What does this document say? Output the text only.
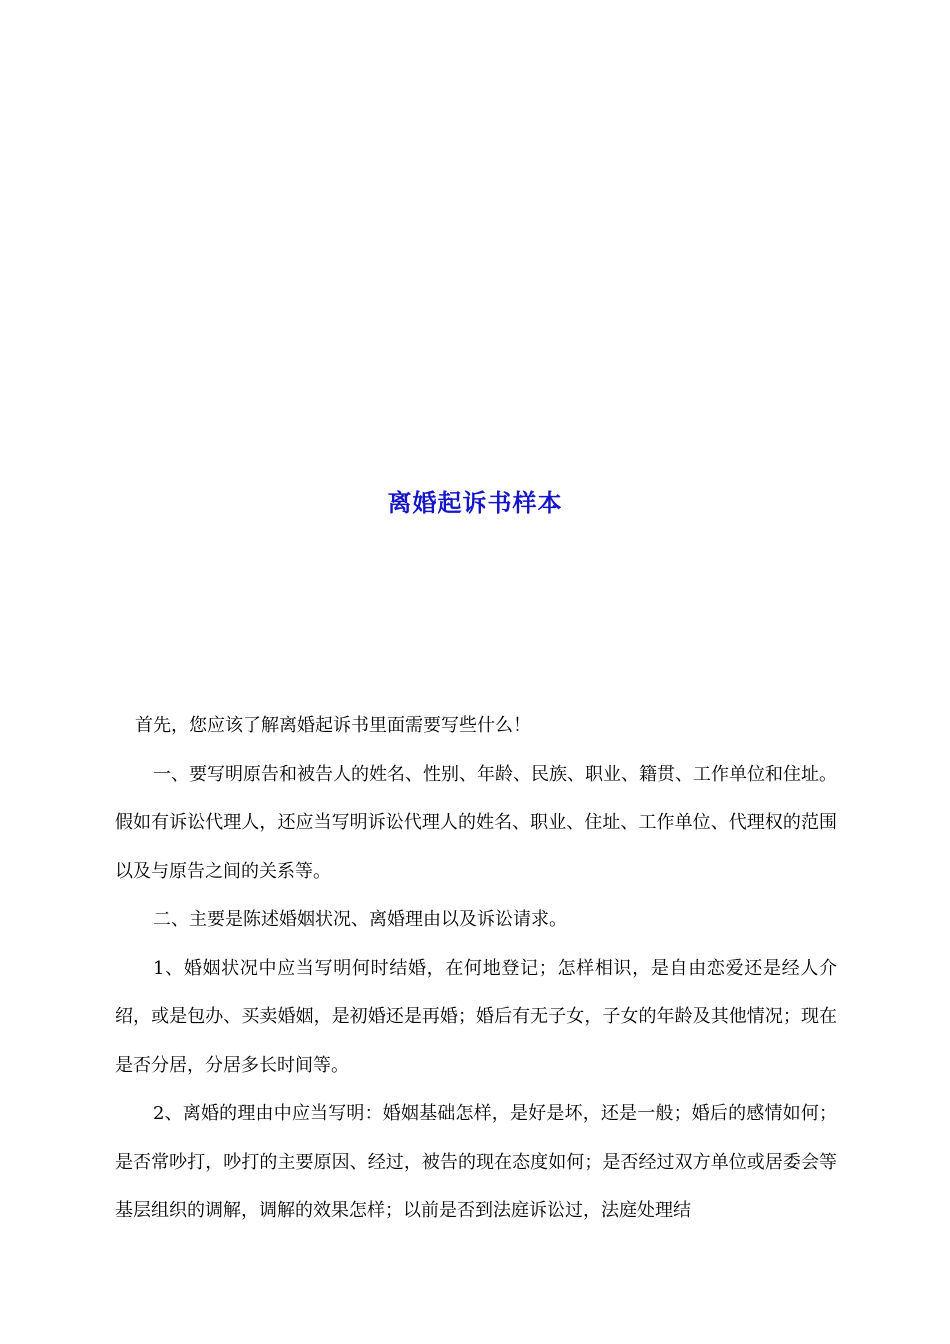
离婚起诉书样本

首先，您应该了解离婚起诉书里面需要写些什么！

一、要写明原告和被告人的姓名、性别、年龄、民族、职业、籍贯、工作单位和住址。假如有诉讼代理人，还应当写明诉讼代理人的姓名、职业、住址、工作单位、代理权的范围以及与原告之间的关系等。

二、主要是陈述婚姻状况、离婚理由以及诉讼请求。

1、婚姻状况中应当写明何时结婚，在何地登记；怎样相识，是自由恋爱还是经人介绍，或是包办、买卖婚姻，是初婚还是再婚；婚后有无子女，子女的年龄及其他情况；现在是否分居，分居多长时间等。

2、离婚的理由中应当写明：婚姻基础怎样，是好是坏，还是一般；婚后的感情如何；是否常吵打，吵打的主要原因、经过，被告的现在态度如何；是否经过双方单位或居委会等基层组织的调解，调解的效果怎样；以前是否到法庭诉讼过，法庭处理结
